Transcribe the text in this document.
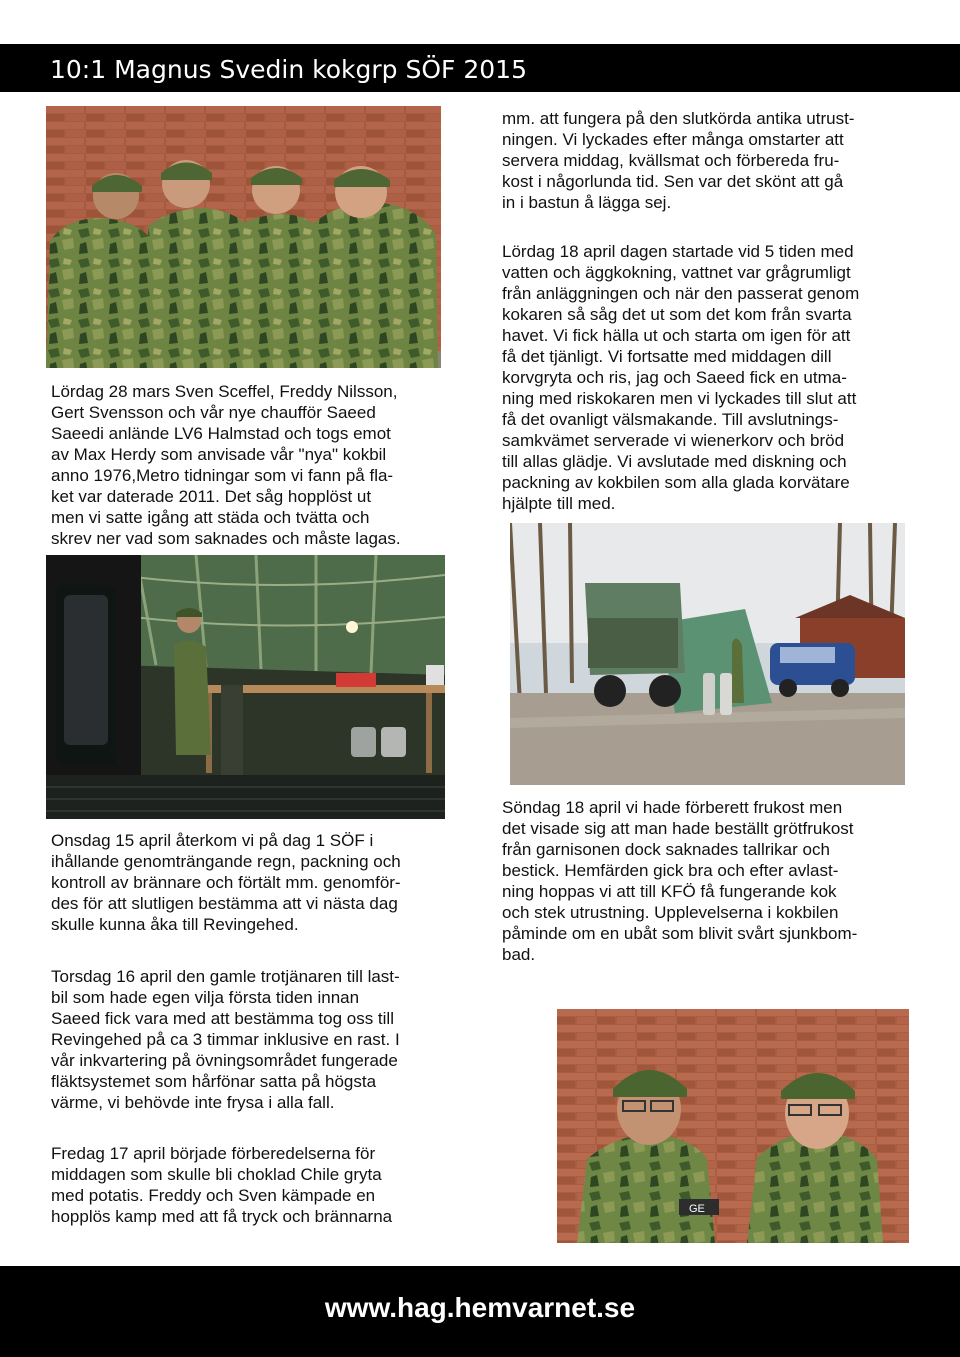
10:1 Magnus Svedin kokgrp SÖF 2015

Lördag 28 mars Sven Sceffel, Freddy Nilsson,
Gert Svensson och vår nye chaufför Saeed
Saeedi anlände LV6 Halmstad och togs emot
av Max Herdy som anvisade vår "nya" kokbil
anno 1976,Metro tidningar som vi fann på fla-
ket var daterade 2011. Det såg hopplöst ut
men vi satte igång att städa och tvätta och
skrev ner vad som saknades och måste lagas.

Onsdag 15 april återkom vi på dag 1 SÖF i
ihållande genomträngande regn, packning och
kontroll av brännare och förtält mm. genomför-
des för att slutligen bestämma att vi nästa dag
skulle kunna åka till Revingehed.

Torsdag 16 april den gamle trotjänaren till last-
bil som hade egen vilja första tiden innan
Saeed fick vara med att bestämma tog oss till
Revingehed på ca 3 timmar inklusive en rast. I
vår inkvartering på övningsområdet fungerade
fläktsystemet som hårfönar satta på högsta
värme, vi behövde inte frysa i alla fall.

Fredag 17 april började förberedelserna för
middagen som skulle bli choklad Chile gryta
med potatis. Freddy och Sven kämpade en
hopplös kamp med att få tryck och brännarna

mm. att fungera på den slutkörda antika utrust-
ningen. Vi lyckades efter många omstarter att
servera middag, kvällsmat och förbereda fru-
kost i någorlunda tid. Sen var det skönt att gå
in i bastun å lägga sej.

Lördag 18 april dagen startade vid 5 tiden med
vatten och äggkokning, vattnet var grågrumligt
från anläggningen och när den passerat genom
kokaren så såg det ut som det kom från svarta
havet. Vi fick hälla ut och starta om igen för att
få det tjänligt. Vi fortsatte med middagen dill
korvgryta och ris, jag och Saeed fick en utma-
ning med riskokaren men vi lyckades till slut att
få det ovanligt välsmakande. Till avslutnings-
samkvämet serverade vi wienerkorv och bröd
till allas glädje. Vi avslutade med diskning och
packning av kokbilen som alla glada korvätare
hjälpte till med.

Söndag 18 april vi hade förberett frukost men
det visade sig att man hade beställt grötfrukost
från garnisonen dock saknades tallrikar och
bestick. Hemfärden gick bra och efter avlast-
ning hoppas vi att till KFÖ få fungerande kok
och stek utrustning. Upplevelserna i kokbilen
påminde om en ubåt som blivit svårt sjunkbom-
bad.

GE
www.hag.hemvarnet.se
